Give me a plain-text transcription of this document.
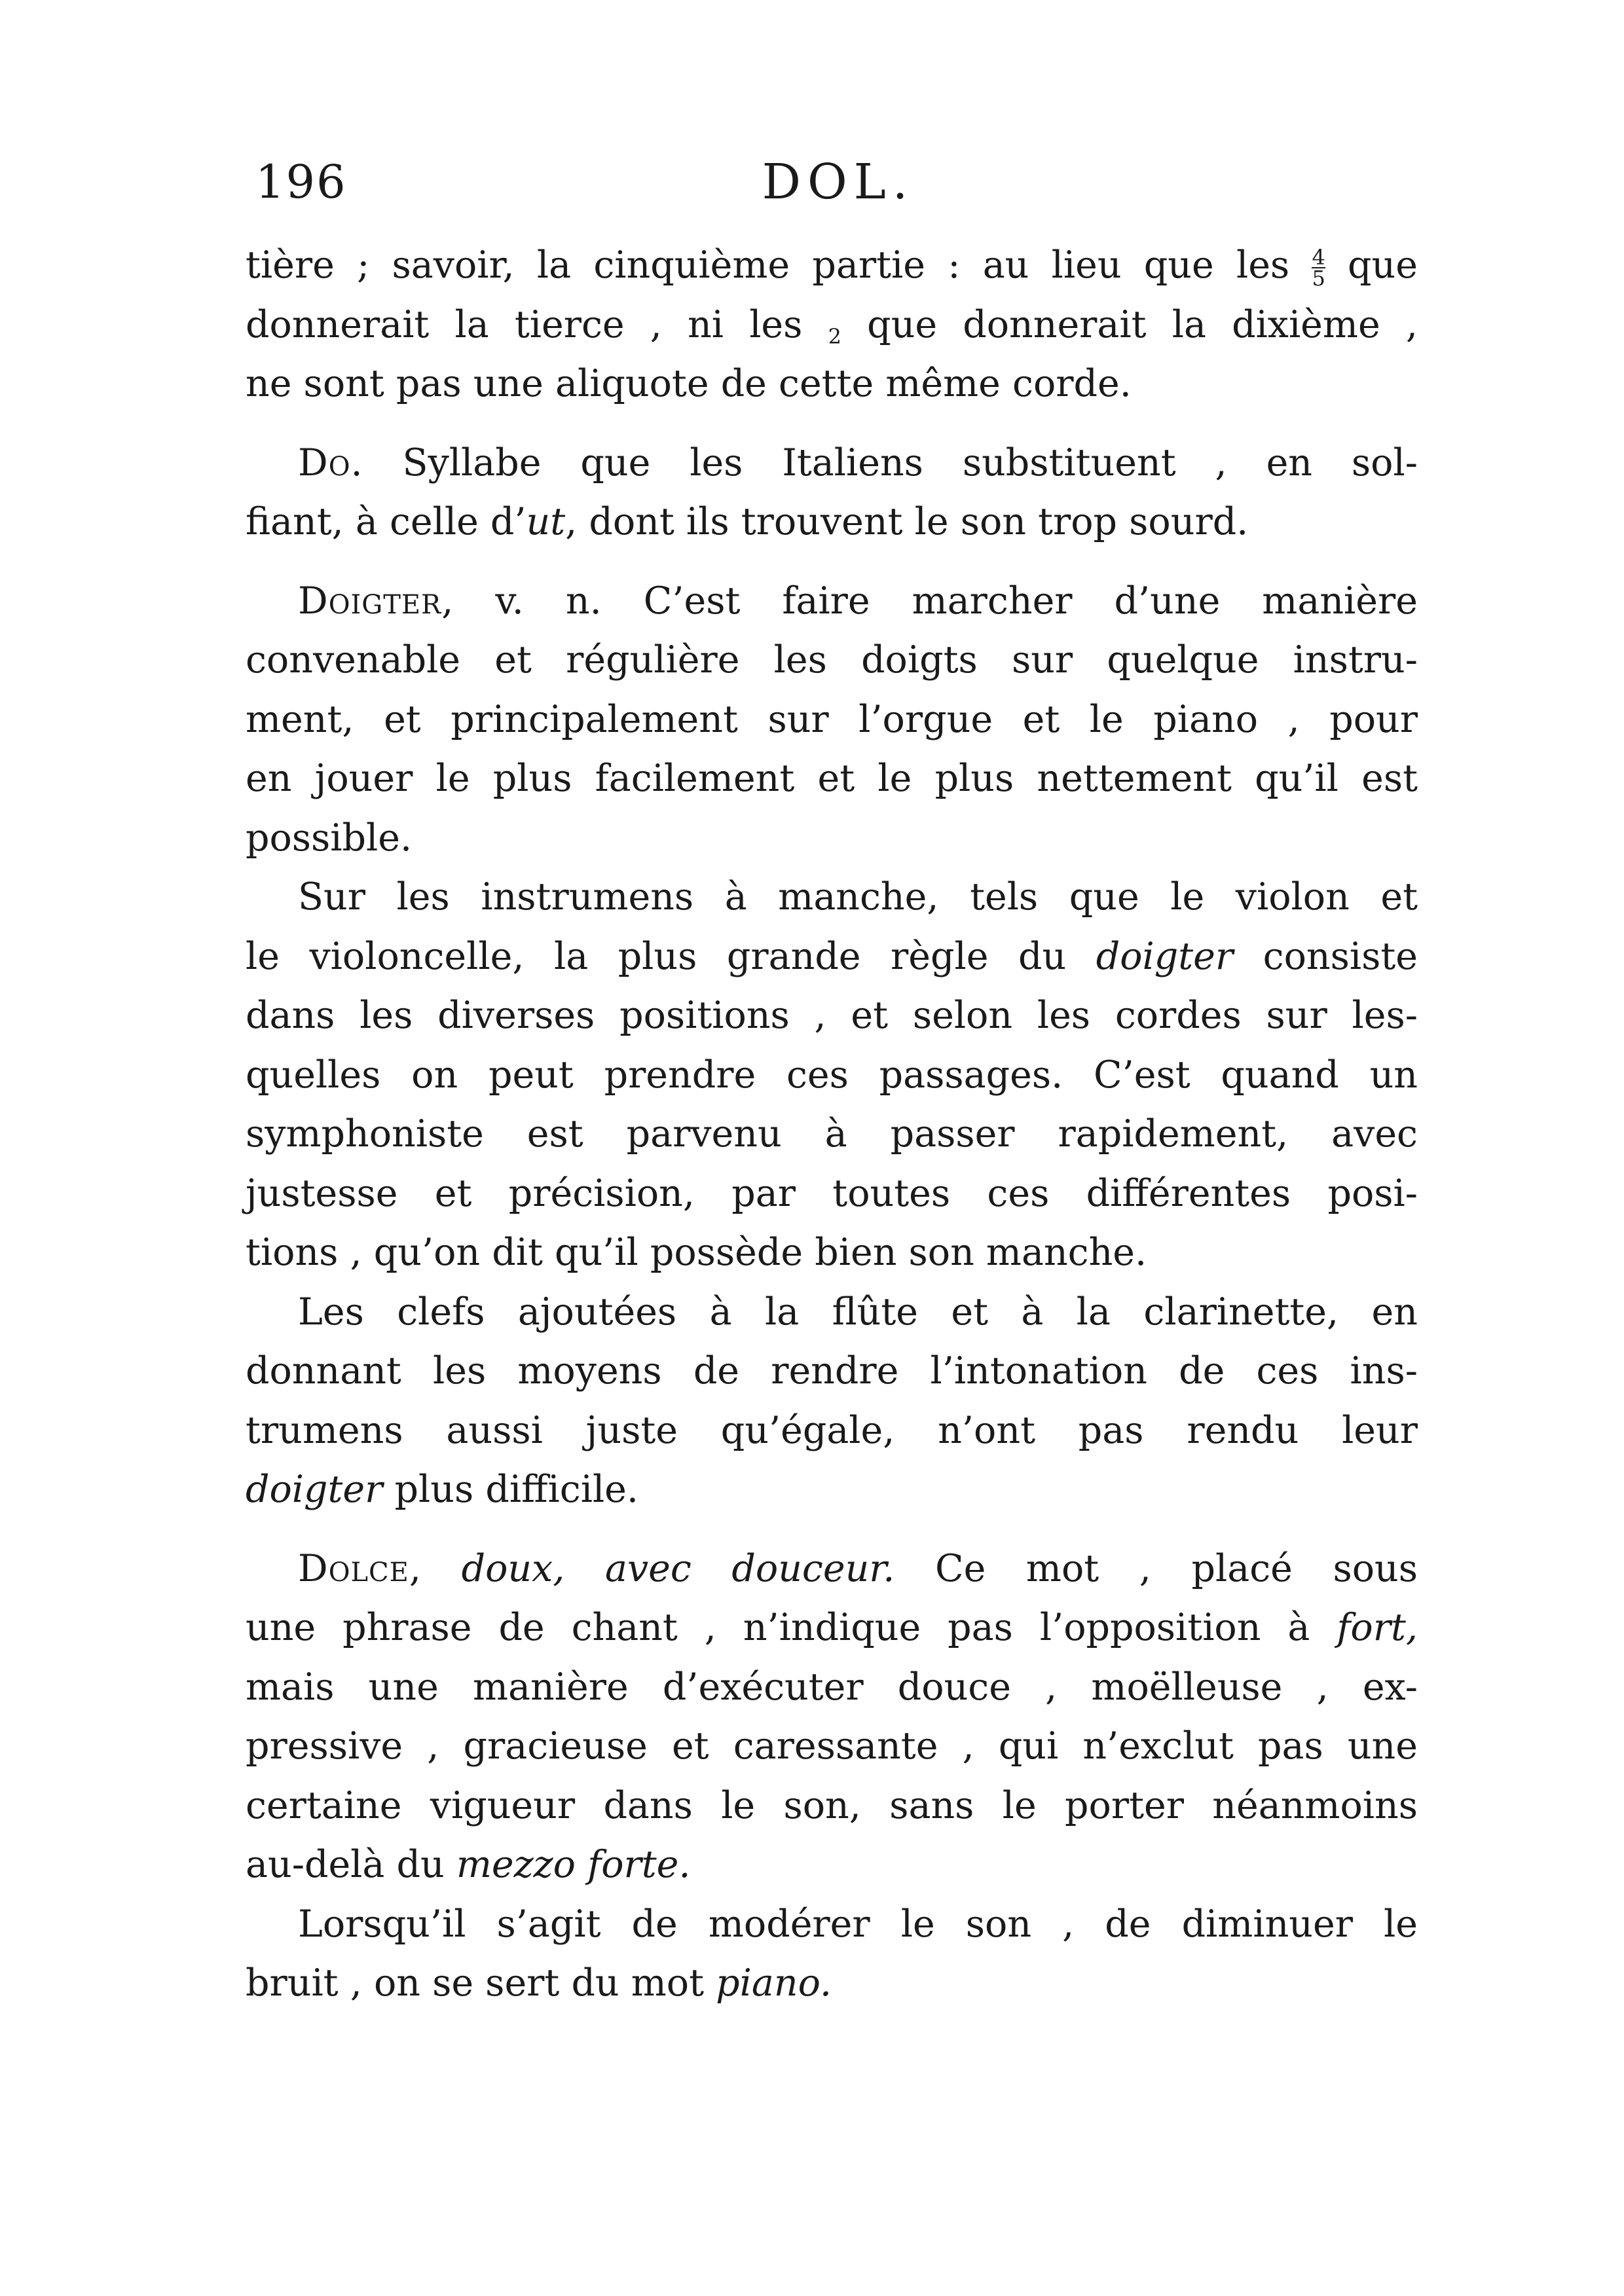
196	DOL.
tière ; savoir, la cinquième partie : au lieu que les $\frac{4}{5}$ que
donnerait la tierce , ni les $_2$ que donnerait la dixième ,
ne sont pas une aliquote de cette même corde.
Do. Syllabe que les Italiens substituent , en sol-
fiant, à celle d’ut, dont ils trouvent le son trop sourd.
Doigter, v. n. C’est faire marcher d’une manière
convenable et régulière les doigts sur quelque instru-
ment, et principalement sur l’orgue et le piano , pour
en jouer le plus facilement et le plus nettement qu’il est
possible.
Sur les instrumens à manche, tels que le violon et
le violoncelle, la plus grande règle du doigter consiste
dans les diverses positions , et selon les cordes sur les-
quelles on peut prendre ces passages. C’est quand un
symphoniste est parvenu à passer rapidement, avec
justesse et précision, par toutes ces différentes posi-
tions , qu’on dit qu’il possède bien son manche.
Les clefs ajoutées à la flûte et à la clarinette, en
donnant les moyens de rendre l’intonation de ces ins-
trumens aussi juste qu’égale, n’ont pas rendu leur
doigter plus difficile.
Dolce, doux, avec douceur. Ce mot , placé sous
une phrase de chant , n’indique pas l’opposition à fort,
mais une manière d’exécuter douce , moëlleuse , ex-
pressive , gracieuse et caressante , qui n’exclut pas une
certaine vigueur dans le son, sans le porter néanmoins
au-delà du mezzo forte.
Lorsqu’il s’agit de modérer le son , de diminuer le
bruit , on se sert du mot piano.
